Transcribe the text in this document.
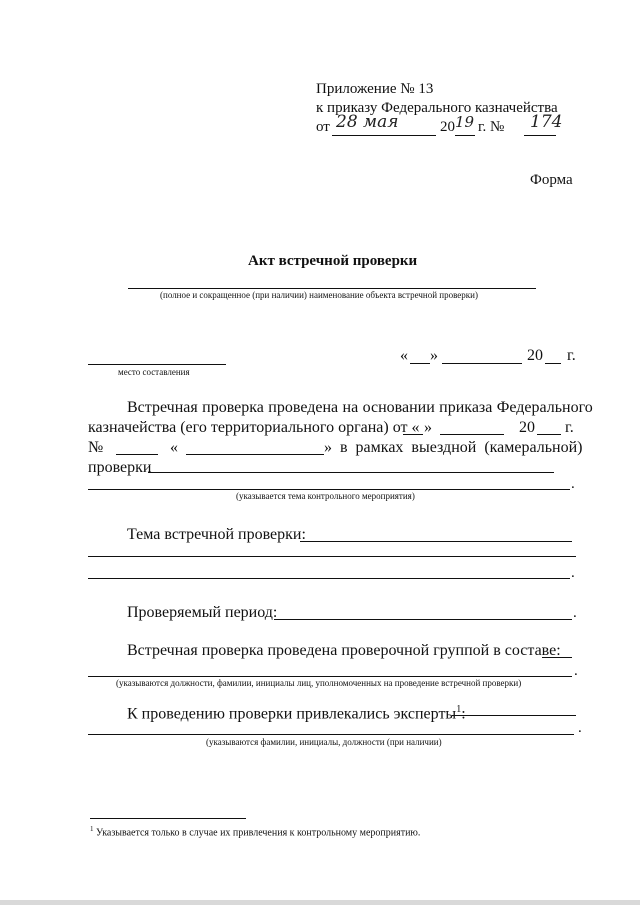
Приложение № 13
к приказу Федерального казначейства
от 28 мая	20 19 г. № 174
Форма
Акт встречной проверки
(полное и сокращенное (при наличии) наименование объекта встречной проверки)
место составления
« »	20 г.
Встречная проверка проведена на основании приказа Федерального
казначейства (его территориального органа) от « »	20 г.
№	«	» в рамках выездной (камеральной)
проверки
.
(указывается тема контрольного мероприятия)
Тема встречной проверки:
.
Проверяемый период:	.
Встречная проверка проведена проверочной группой в составе:
.
(указываются должности, фамилии, инициалы лиц, уполномоченных на проведение встречной проверки)
К проведению проверки привлекались эксперты$^1$:
.
(указываются фамилии, инициалы, должности (при наличии)
$^1$ Указывается только в случае их привлечения к контрольному мероприятию.
